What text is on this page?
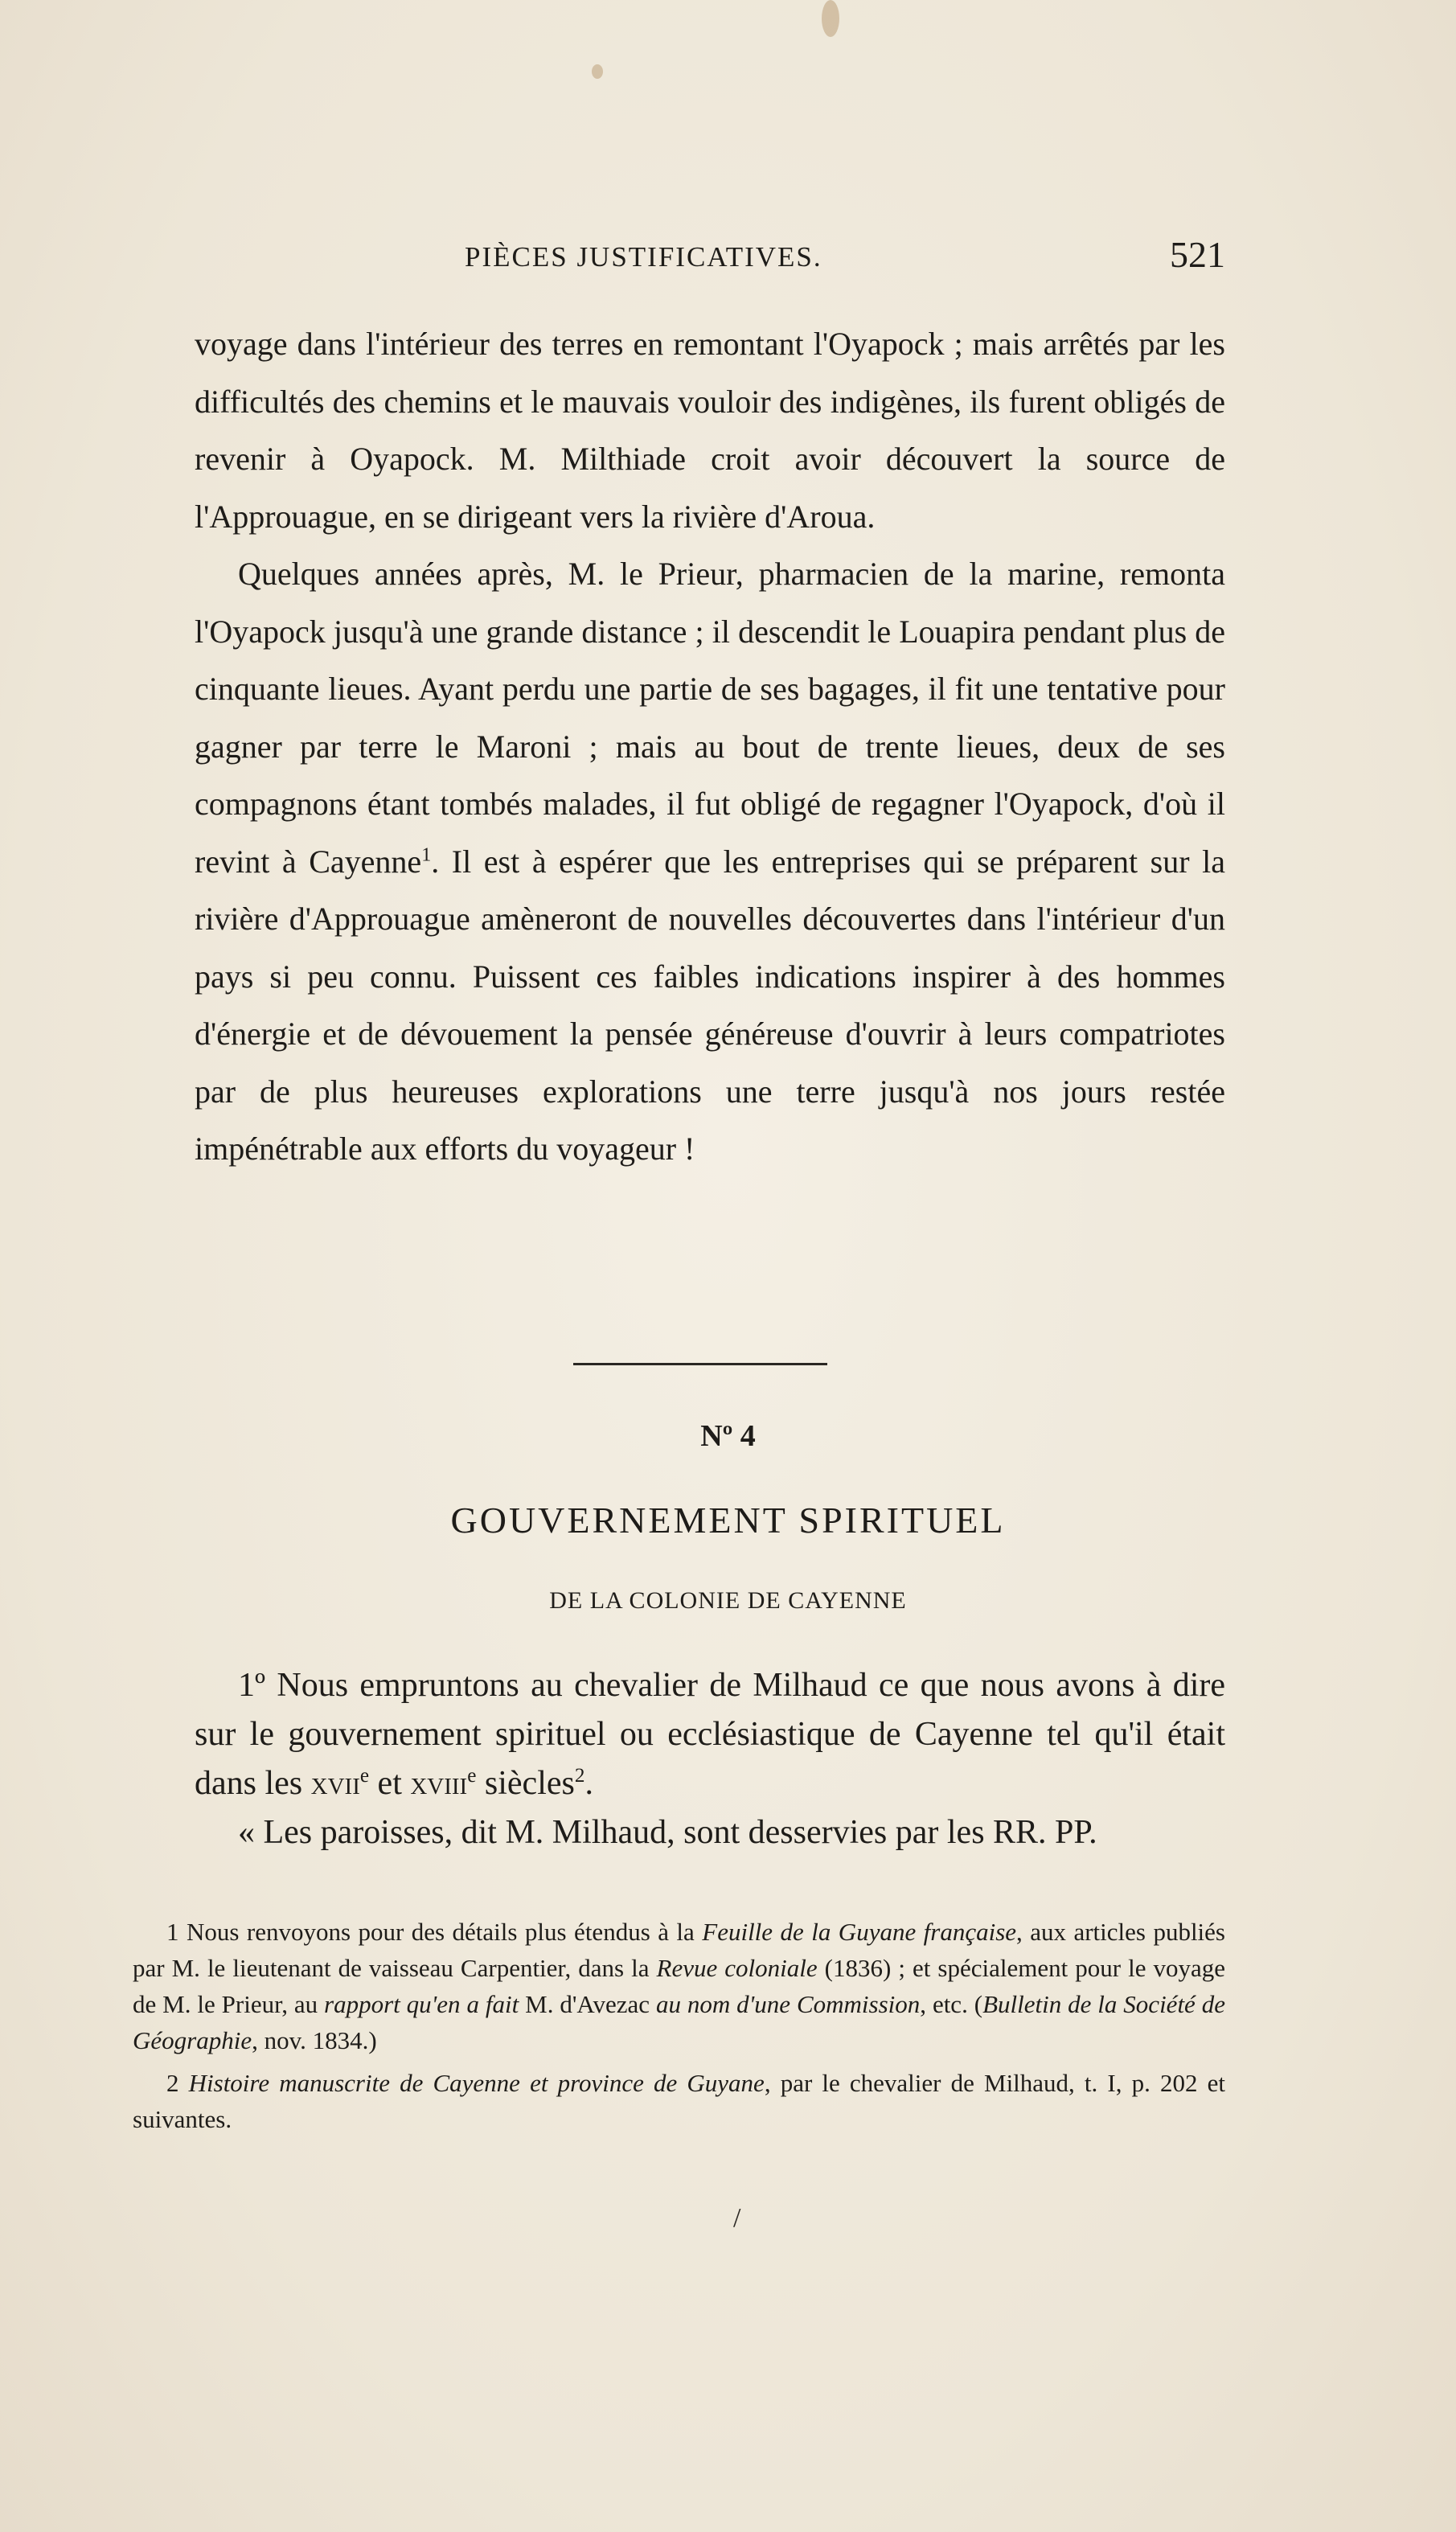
PIÈCES JUSTIFICATIVES.	521

voyage dans l'intérieur des terres en remontant l'Oyapock ; mais arrêtés par les difficultés des chemins et le mauvais vouloir des indigènes, ils furent obligés de revenir à Oyapock. M. Milthiade croit avoir découvert la source de l'Approuague, en se dirigeant vers la rivière d'Aroua.

Quelques années après, M. le Prieur, pharmacien de la marine, remonta l'Oyapock jusqu'à une grande distance ; il descendit le Louapira pendant plus de cinquante lieues. Ayant perdu une partie de ses bagages, il fit une tentative pour gagner par terre le Maroni ; mais au bout de trente lieues, deux de ses compagnons étant tombés malades, il fut obligé de regagner l'Oyapock, d'où il revint à Cayenne$^1$. Il est à espérer que les entreprises qui se préparent sur la rivière d'Approuague amèneront de nouvelles découvertes dans l'intérieur d'un pays si peu connu. Puissent ces faibles indications inspirer à des hommes d'énergie et de dévouement la pensée généreuse d'ouvrir à leurs compatriotes par de plus heureuses explorations une terre jusqu'à nos jours restée impénétrable aux efforts du voyageur !

Nº 4
GOUVERNEMENT SPIRITUEL
DE LA COLONIE DE CAYENNE

1º Nous empruntons au chevalier de Milhaud ce que nous avons à dire sur le gouvernement spirituel ou ecclésiastique de Cayenne tel qu'il était dans les xvii$^e$ et xviii$^e$ siècles$^2$.

« Les paroisses, dit M. Milhaud, sont desservies par les RR. PP.

1 Nous renvoyons pour des détails plus étendus à la Feuille de la Guyane française, aux articles publiés par M. le lieutenant de vaisseau Carpentier, dans la Revue coloniale (1836) ; et spécialement pour le voyage de M. le Prieur, au rapport qu'en a fait M. d'Avezac au nom d'une Commission, etc. (Bulletin de la Société de Géographie, nov. 1834.)

2 Histoire manuscrite de Cayenne et province de Guyane, par le chevalier de Milhaud, t. I, p. 202 et suivantes.

/
